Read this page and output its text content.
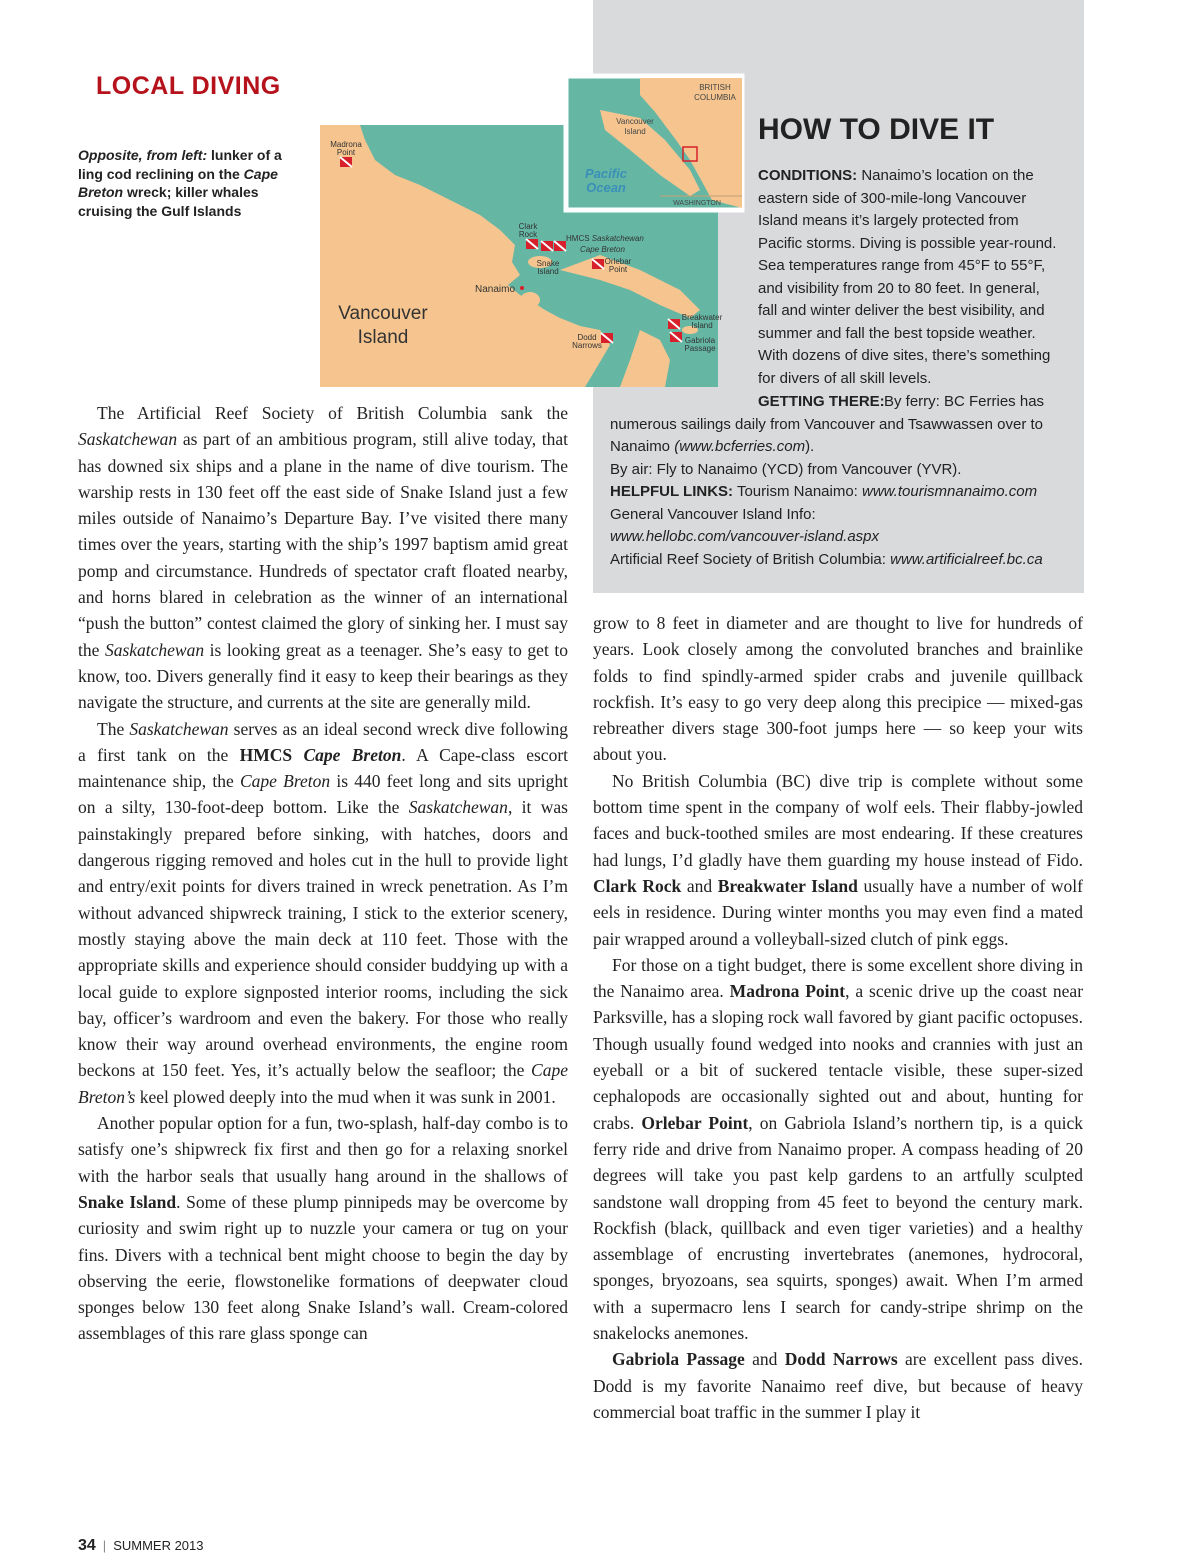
LOCAL DIVING
Opposite, from left: lunker of a ling cod reclining on the Cape Breton wreck; killer whales cruising the Gulf Islands
BRITISH
COLUMBIA
Vancouver
Island
Pacific
Ocean
WASHINGTON
Vancouver
Island
Nanaimo
Madrona
Point
Clark
Rock	HMCS Saskatchewan
Cape Breton
Snake
Island
Orlebar
Point
Breakwater
Island
Gabriola
Passage
Dodd
Narrows
HOW TO DIVE IT
CONDITIONS: Nanaimo’s location on the eastern side of 300-mile-long Vancouver Island means it’s largely protected from Pacific storms. Diving is possible year-round. Sea temperatures range from 45°F to 55°F, and visibility from 20 to 80 feet. In general, fall and winter deliver the best visibility, and summer and fall the best topside weather. With dozens of dive sites, there’s something for divers of all skill levels.
GETTING THERE: By ferry: BC Ferries has numerous sailings daily from Vancouver and Tsawwassen over to Nanaimo (www.bcferries.com).
By air: Fly to Nanaimo (YCD) from Vancouver (YVR).
HELPFUL LINKS: Tourism Nanaimo: www.tourismnanaimo.com
General Vancouver Island Info:
www.hellobc.com/vancouver-island.aspx
Artificial Reef Society of British Columbia: www.artificialreef.bc.ca

The Artificial Reef Society of British Columbia sank the Saskatchewan as part of an ambitious program, still alive today, that has downed six ships and a plane in the name of dive tourism. The warship rests in 130 feet off the east side of Snake Island just a few miles outside of Nanaimo’s Departure Bay. I’ve visited there many times over the years, starting with the ship’s 1997 baptism amid great pomp and circumstance. Hundreds of spectator craft floated nearby, and horns blared in celebration as the winner of an international “push the button” contest claimed the glory of sinking her. I must say the Saskatchewan is looking great as a teenager. She’s easy to get to know, too. Divers generally find it easy to keep their bearings as they navigate the structure, and currents at the site are generally mild.

The Saskatchewan serves as an ideal second wreck dive following a first tank on the HMCS Cape Breton. A Cape-class escort maintenance ship, the Cape Breton is 440 feet long and sits upright on a silty, 130-foot-deep bottom. Like the Saskatchewan, it was painstakingly prepared before sinking, with hatches, doors and dangerous rigging removed and holes cut in the hull to provide light and entry/exit points for divers trained in wreck penetration. As I’m without advanced shipwreck training, I stick to the exterior scenery, mostly staying above the main deck at 110 feet. Those with the appropriate skills and experience should consider buddying up with a local guide to explore signposted interior rooms, including the sick bay, officer’s wardroom and even the bakery. For those who really know their way around overhead environments, the engine room beckons at 150 feet. Yes, it’s actually below the seafloor; the Cape Breton’s keel plowed deeply into the mud when it was sunk in 2001.

Another popular option for a fun, two-splash, half-day combo is to satisfy one’s shipwreck fix first and then go for a relaxing snorkel with the harbor seals that usually hang around in the shallows of Snake Island. Some of these plump pinnipeds may be overcome by curiosity and swim right up to nuzzle your camera or tug on your fins. Divers with a technical bent might choose to begin the day by observing the eerie, flowstonelike formations of deepwater cloud sponges below 130 feet along Snake Island’s wall. Cream-colored assemblages of this rare glass sponge can

grow to 8 feet in diameter and are thought to live for hundreds of years. Look closely among the convoluted branches and brainlike folds to find spindly-armed spider crabs and juvenile quillback rockfish. It’s easy to go very deep along this precipice — mixed-gas rebreather divers stage 300-foot jumps here — so keep your wits about you.

No British Columbia (BC) dive trip is complete without some bottom time spent in the company of wolf eels. Their flabby-jowled faces and buck-toothed smiles are most endearing. If these creatures had lungs, I’d gladly have them guarding my house instead of Fido. Clark Rock and Breakwater Island usually have a number of wolf eels in residence. During winter months you may even find a mated pair wrapped around a volleyball-sized clutch of pink eggs.

For those on a tight budget, there is some excellent shore diving in the Nanaimo area. Madrona Point, a scenic drive up the coast near Parksville, has a sloping rock wall favored by giant pacific octopuses. Though usually found wedged into nooks and crannies with just an eyeball or a bit of suckered tentacle visible, these super-sized cephalopods are occasionally sighted out and about, hunting for crabs. Orlebar Point, on Gabriola Island’s northern tip, is a quick ferry ride and drive from Nanaimo proper. A compass heading of 20 degrees will take you past kelp gardens to an artfully sculpted sandstone wall dropping from 45 feet to beyond the century mark. Rockfish (black, quillback and even tiger varieties) and a healthy assemblage of encrusting invertebrates (anemones, hydrocoral, sponges, bryozoans, sea squirts, sponges) await. When I’m armed with a supermacro lens I search for candy-stripe shrimp on the snakelocks anemones.

Gabriola Passage and Dodd Narrows are excellent pass dives. Dodd is my favorite Nanaimo reef dive, but because of heavy commercial boat traffic in the summer I play it

34 | SUMMER 2013
